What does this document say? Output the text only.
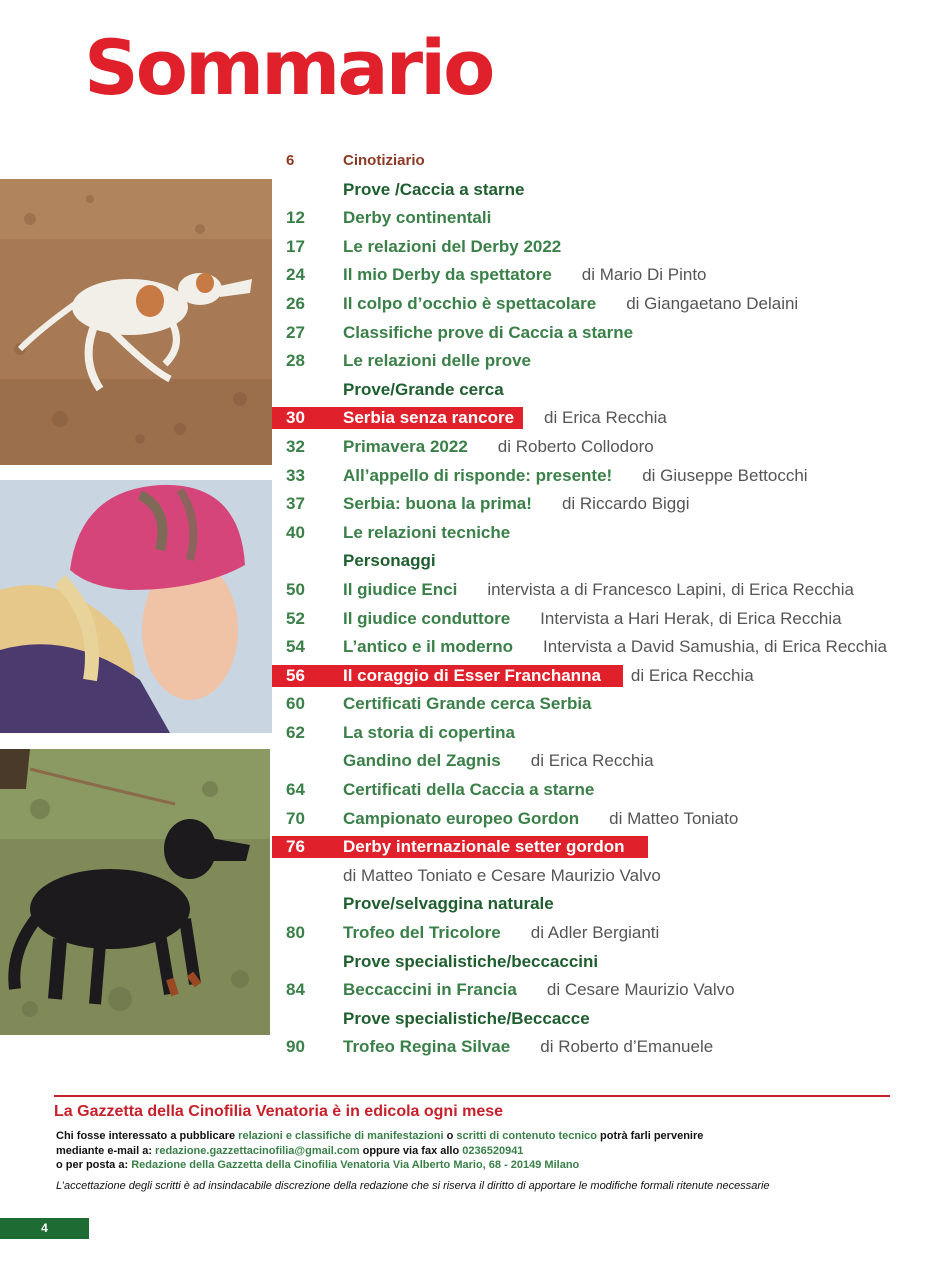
Sommario
6	Cinotiziario
Prove /Caccia a starne
12 Derby continentali
17 Le relazioni del Derby 2022
24 Il mio Derby da spettatore di Mario Di Pinto
26 Il colpo d’occhio è spettacolare di Giangaetano Delaini
27 Classifiche prove di Caccia a starne
28 Le relazioni delle prove
Prove/Grande cerca
30 Serbia senza rancore di Erica Recchia
32 Primavera 2022 di Roberto Collodoro
33 All’appello di risponde: presente! di Giuseppe Bettocchi
37 Serbia: buona la prima! di Riccardo Biggi
40 Le relazioni tecniche
Personaggi
50 Il giudice Enci intervista a di Francesco Lapini, di Erica Recchia
52 Il giudice conduttore Intervista a Hari Herak, di Erica Recchia
54 L’antico e il moderno Intervista a David Samushia, di Erica Recchia
56 Il coraggio di Esser Franchanna di Erica Recchia
60 Certificati Grande cerca Serbia
62 La storia di copertina
Gandino del Zagnis di Erica Recchia
64 Certificati della Caccia a starne
70 Campionato europeo Gordon di Matteo Toniato
76 Derby internazionale setter gordon
di Matteo Toniato e Cesare Maurizio Valvo
Prove/selvaggina naturale
80 Trofeo del Tricolore di Adler Bergianti
Prove specialistiche/beccaccini
84 Beccaccini in Francia di Cesare Maurizio Valvo
Prove specialistiche/Beccacce
90 Trofeo Regina Silvae di Roberto d’Emanuele
La Gazzetta della Cinofilia Venatoria è in edicola ogni mese
Chi fosse interessato a pubblicare relazioni e classifiche di manifestazioni o scritti di contenuto tecnico potrà farli pervenire
mediante e-mail a: redazione.gazzettacinofilia@gmail.com oppure via fax allo 0236520941
o per posta a: Redazione della Gazzetta della Cinofilia Venatoria Via Alberto Mario, 68 - 20149 Milano
L’accettazione degli scritti è ad insindacabile discrezione della redazione che si riserva il diritto di apportare le modifiche formali ritenute necessarie
4
